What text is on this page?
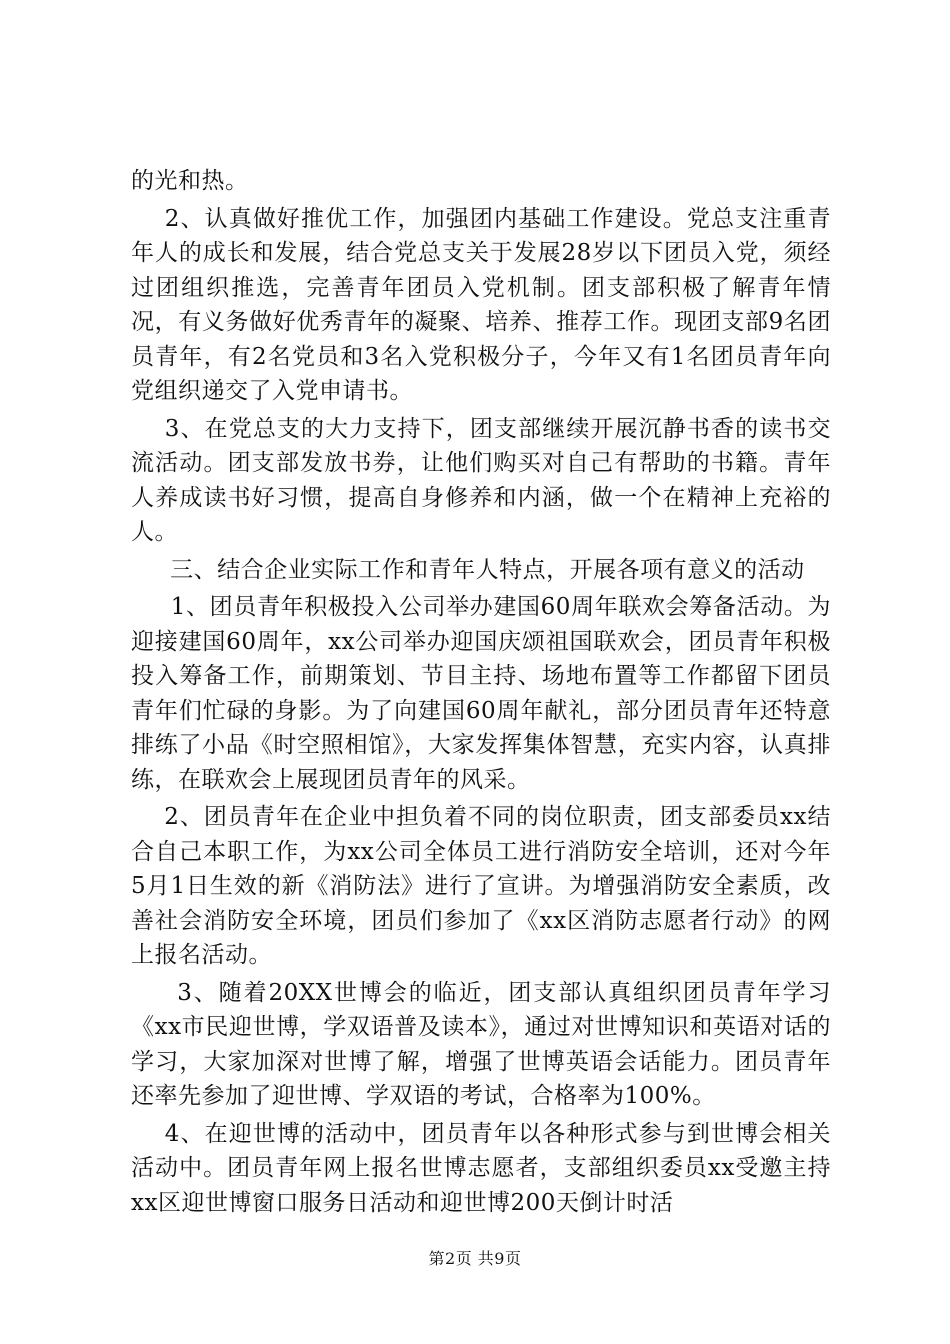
的光和热。

2、认真做好推优工作，加强团内基础工作建设。党总支注重青年人的成长和发展，结合党总支关于发展28岁以下团员入党，须经过团组织推选，完善青年团员入党机制。团支部积极了解青年情况，有义务做好优秀青年的凝聚、培养、推荐工作。现团支部9名团员青年，有2名党员和3名入党积极分子，今年又有1名团员青年向党组织递交了入党申请书。

3、在党总支的大力支持下，团支部继续开展沉静书香的读书交流活动。团支部发放书券，让他们购买对自己有帮助的书籍。青年人养成读书好习惯，提高自身修养和内涵，做一个在精神上充裕的人。

三、结合企业实际工作和青年人特点，开展各项有意义的活动

1、团员青年积极投入公司举办建国60周年联欢会筹备活动。为迎接建国60周年，xx公司举办迎国庆颂祖国联欢会，团员青年积极投入筹备工作，前期策划、节目主持、场地布置等工作都留下团员青年们忙碌的身影。为了向建国60周年献礼，部分团员青年还特意排练了小品《时空照相馆》，大家发挥集体智慧，充实内容，认真排练，在联欢会上展现团员青年的风采。

2、团员青年在企业中担负着不同的岗位职责，团支部委员xx结合自己本职工作，为xx公司全体员工进行消防安全培训，还对今年5月1日生效的新《消防法》进行了宣讲。为增强消防安全素质，改善社会消防安全环境，团员们参加了《xx区消防志愿者行动》的网上报名活动。

3、随着20XX世博会的临近，团支部认真组织团员青年学习《xx市民迎世博，学双语普及读本》，通过对世博知识和英语对话的学习，大家加深对世博了解，增强了世博英语会话能力。团员青年还率先参加了迎世博、学双语的考试，合格率为100%。

4、在迎世博的活动中，团员青年以各种形式参与到世博会相关活动中。团员青年网上报名世博志愿者，支部组织委员xx受邀主持xx区迎世博窗口服务日活动和迎世博200天倒计时活

第2页 共9页
